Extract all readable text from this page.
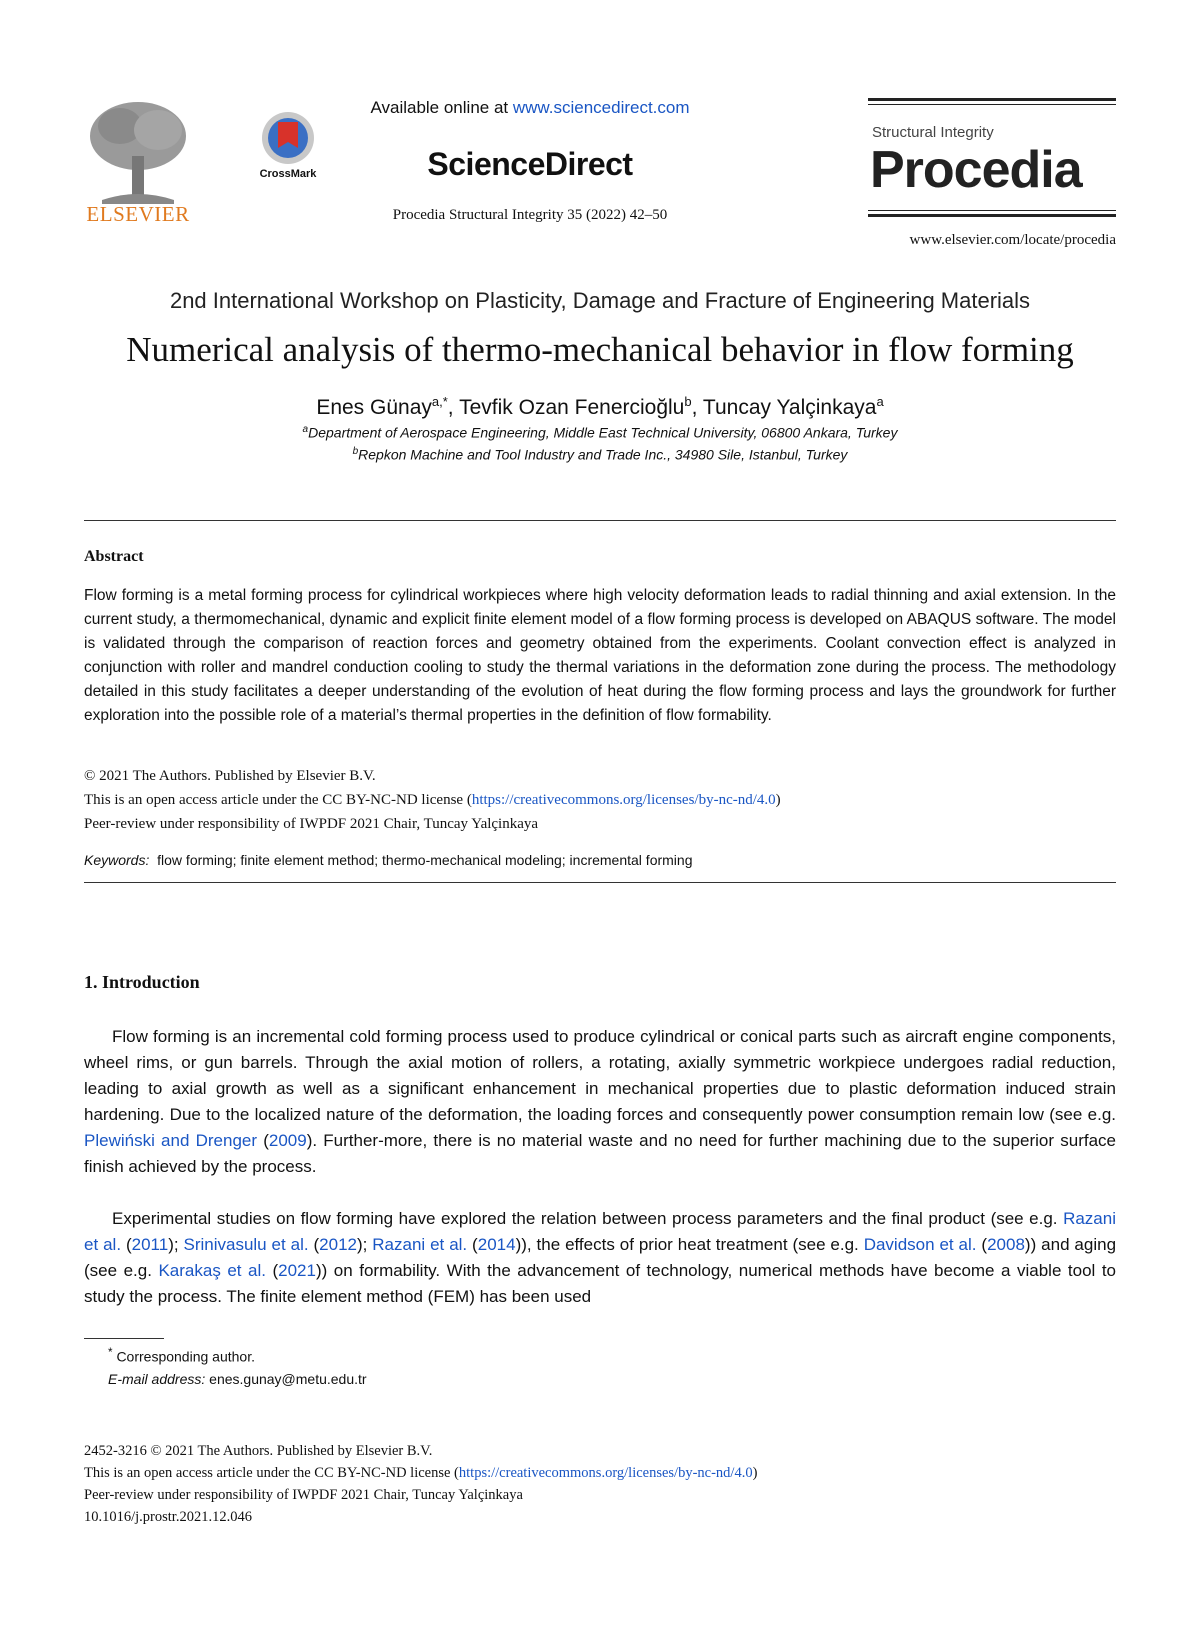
ELSEVIER
CrossMark
Available online at www.sciencedirect.com
ScienceDirect
Procedia Structural Integrity 35 (2022) 42–50
Structural Integrity
Procedia
www.elsevier.com/locate/procedia
2nd International Workshop on Plasticity, Damage and Fracture of Engineering Materials
Numerical analysis of thermo-mechanical behavior in flow forming
Enes Günay$^{a,*}$, Tevfik Ozan Fenercioğlu$^b$, Tuncay Yalçinkaya$^a$
$^a$Department of Aerospace Engineering, Middle East Technical University, 06800 Ankara, Turkey
$^b$Repkon Machine and Tool Industry and Trade Inc., 34980 Sile, Istanbul, Turkey
Abstract
Flow forming is a metal forming process for cylindrical workpieces where high velocity deformation leads to radial thinning and axial extension. In the current study, a thermomechanical, dynamic and explicit finite element model of a flow forming process is developed on ABAQUS software. The model is validated through the comparison of reaction forces and geometry obtained from the experiments. Coolant convection effect is analyzed in conjunction with roller and mandrel conduction cooling to study the thermal variations in the deformation zone during the process. The methodology detailed in this study facilitates a deeper understanding of the evolution of heat during the flow forming process and lays the groundwork for further exploration into the possible role of a material’s thermal properties in the definition of flow formability.
© 2021 The Authors. Published by Elsevier B.V.
This is an open access article under the CC BY-NC-ND license (https://creativecommons.org/licenses/by-nc-nd/4.0)
Peer-review under responsibility of IWPDF 2021 Chair, Tuncay Yalçinkaya
Keywords: flow forming; finite element method; thermo-mechanical modeling; incremental forming
1. Introduction
Flow forming is an incremental cold forming process used to produce cylindrical or conical parts such as aircraft engine components, wheel rims, or gun barrels. Through the axial motion of rollers, a rotating, axially symmetric workpiece undergoes radial reduction, leading to axial growth as well as a significant enhancement in mechanical properties due to plastic deformation induced strain hardening. Due to the localized nature of the deformation, the loading forces and consequently power consumption remain low (see e.g. Plewiński and Drenger (2009). Further-more, there is no material waste and no need for further machining due to the superior surface finish achieved by the process.
Experimental studies on flow forming have explored the relation between process parameters and the final product (see e.g. Razani et al. (2011); Srinivasulu et al. (2012); Razani et al. (2014)), the effects of prior heat treatment (see e.g. Davidson et al. (2008)) and aging (see e.g. Karakaş et al. (2021)) on formability. With the advancement of technology, numerical methods have become a viable tool to study the process. The finite element method (FEM) has been used
* Corresponding author.
E-mail address: enes.gunay@metu.edu.tr
2452-3216 © 2021 The Authors. Published by Elsevier B.V.
This is an open access article under the CC BY-NC-ND license (https://creativecommons.org/licenses/by-nc-nd/4.0)
Peer-review under responsibility of IWPDF 2021 Chair, Tuncay Yalçinkaya
10.1016/j.prostr.2021.12.046
